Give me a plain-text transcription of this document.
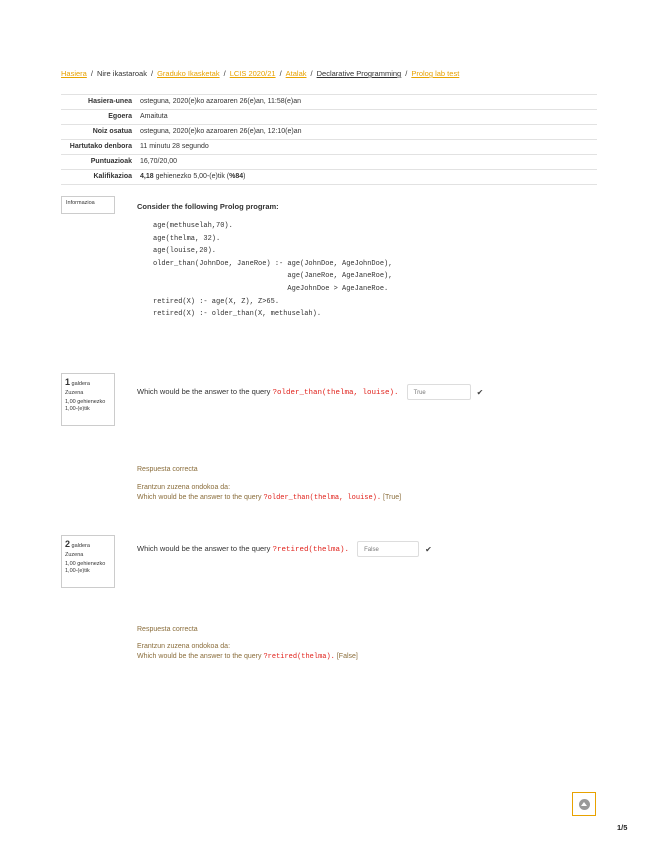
Hasiera / Nire ikastaroak / Graduko Ikasketak / LCIS 2020/21 / Atalak / Declarative Programming / Prolog lab test
Hasiera-unea	osteguna, 2020(e)ko azaroaren 26(e)an, 11:58(e)an
Egoera	Amaituta
Noiz osatua	osteguna, 2020(e)ko azaroaren 26(e)an, 12:10(e)an
Hartutako denbora	11 minutu 28 segundo
Puntuazioak	16,70/20,00
Kalifikazioa	4,18 gehienezko 5,00-(e)tik (%84)
Informazioa	Consider the following Prolog program:
age(methuselah,70).
age(thelma, 32).
age(louise,20).
older_than(JohnDoe, JaneRoe) :- age(JohnDoe, AgeJohnDoe),
age(JaneRoe, AgeJaneRoe),
AgeJohnDoe > AgeJaneRoe.
retired(X) :- age(X, Z), Z>65.
retired(X) :- older_than(X, methuselah).
1 galdera
Zuzena
1,00 gehienezko 1,00-(e)tik
Which would be the answer to the query ?older_than(thelma, louise).	True	✔
Respuesta correcta
Erantzun zuzena ondokoa da:
Which would be the answer to the query ?older_than(thelma, louise). [True]
2 galdera
Zuzena
1,00 gehienezko 1,00-(e)tik
Which would be the answer to the query ?retired(thelma).	False	✔
Respuesta correcta
Erantzun zuzena ondokoa da:
Which would be the answer to the query ?retired(thelma). [False]
1/5
